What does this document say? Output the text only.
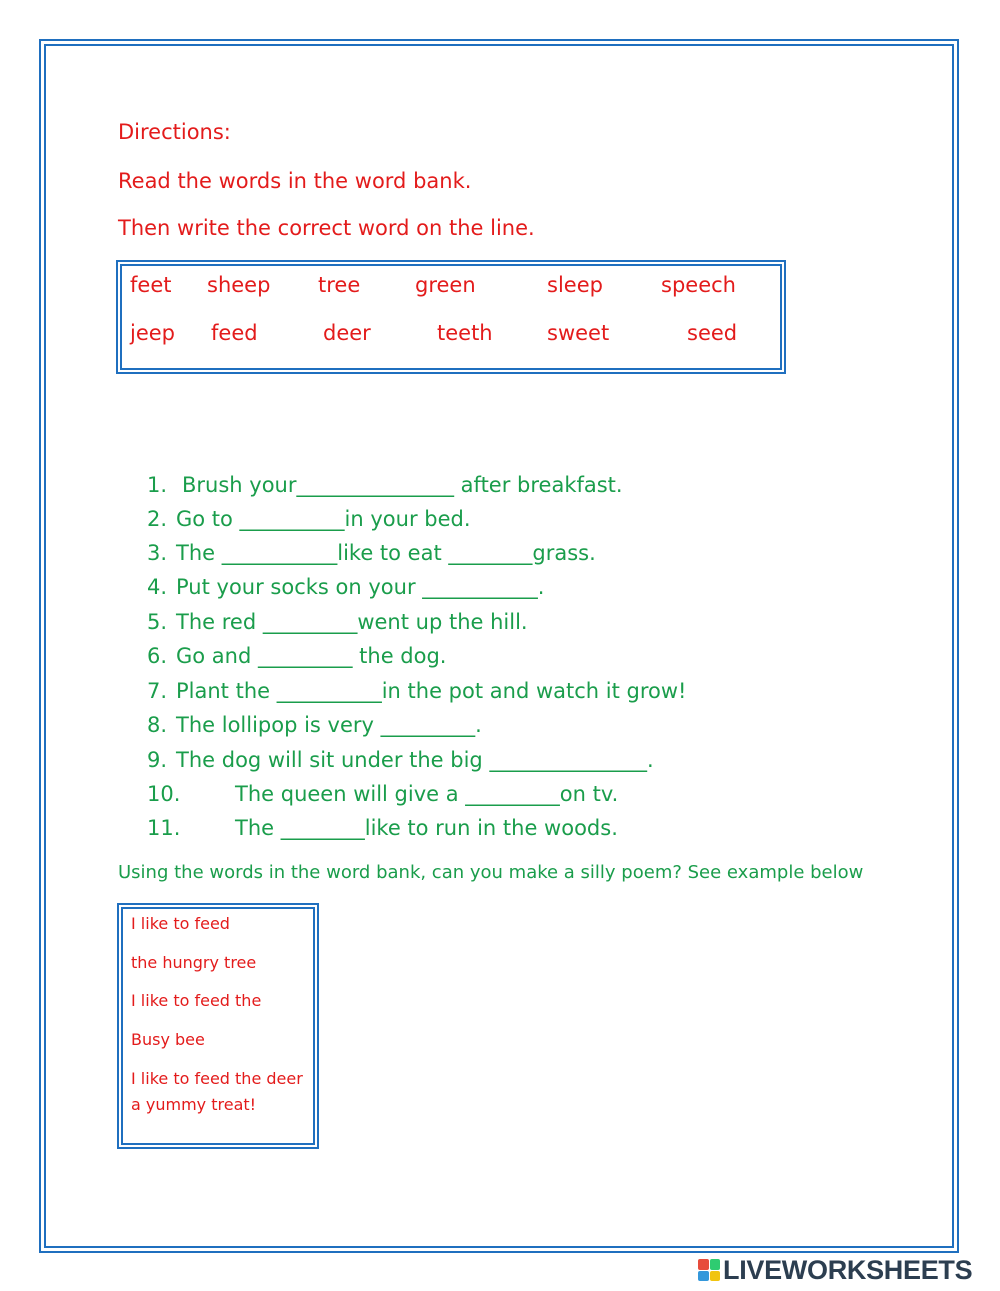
Directions:
Read the words in the word bank.
Then write the correct word on the line.
feet sheep tree	green	sleep	speech
jeep feed	deer	teeth	sweet	seed
1. Brush your_______________ after breakfast.
2. Go to __________in your bed.
3. The ___________like to eat ________grass.
4. Put your socks on your ___________.
5. The red _________went up the hill.
6. Go and _________ the dog.
7. Plant the __________in the pot and watch it grow!
8. The lollipop is very _________.
9. The dog will sit under the big _______________.
10.	The queen will give a _________on tv.
11.	The ________like to run in the woods.
Using the words in the word bank, can you make a silly poem? See example below
I like to feed
the hungry tree
I like to feed the
Busy bee
I like to feed the deer
a yummy treat!
LIVEWORKSHEETS
